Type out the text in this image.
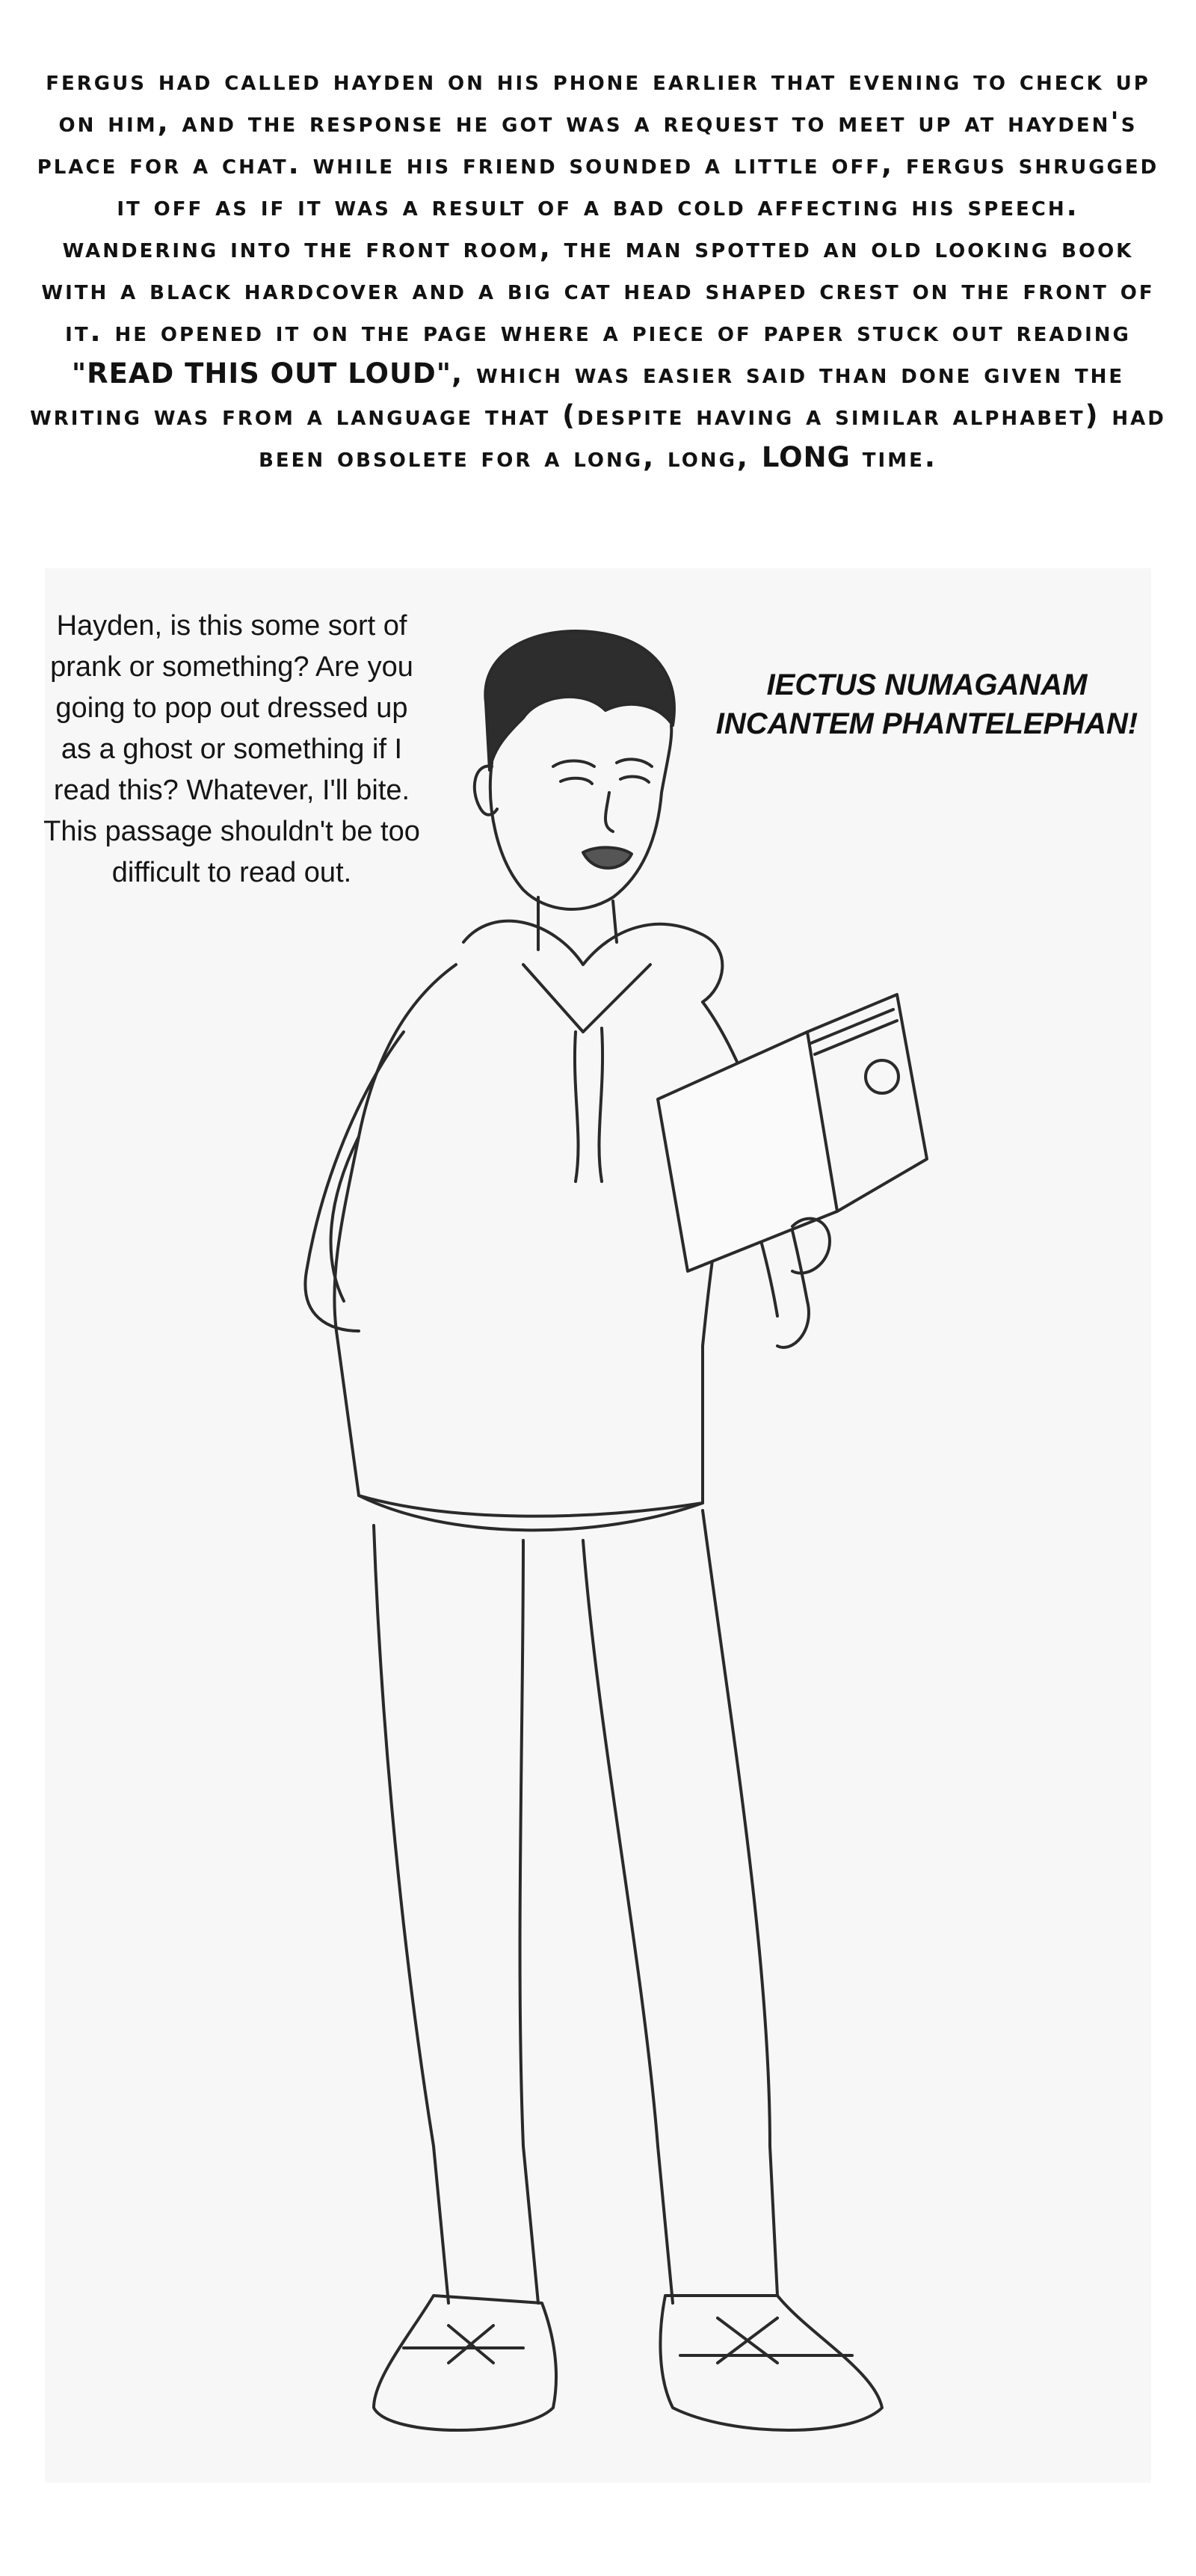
fergus had called hayden on his phone earlier that evening to check up on him, and the response he got was a request to meet up at hayden's place for a chat. while his friend sounded a little off, fergus shrugged it off as if it was a result of a bad cold affecting his speech.
wandering into the front room, the man spotted an old looking book with a black hardcover and a big cat head shaped crest on the front of it. he opened it on the page where a piece of paper stuck out reading "READ THIS OUT LOUD", which was easier said than done given the writing was from a language that (despite having a similar alphabet) had been obsolete for a long, long, LONG time.
Hayden, is this some sort of prank or something? Are you going to pop out dressed up as a ghost or something if I read this? Whatever, I'll bite. This passage shouldn't be too difficult to read out.
IECTUS NUMAGANAM
INCANTEM PHANTELEPHAN!
